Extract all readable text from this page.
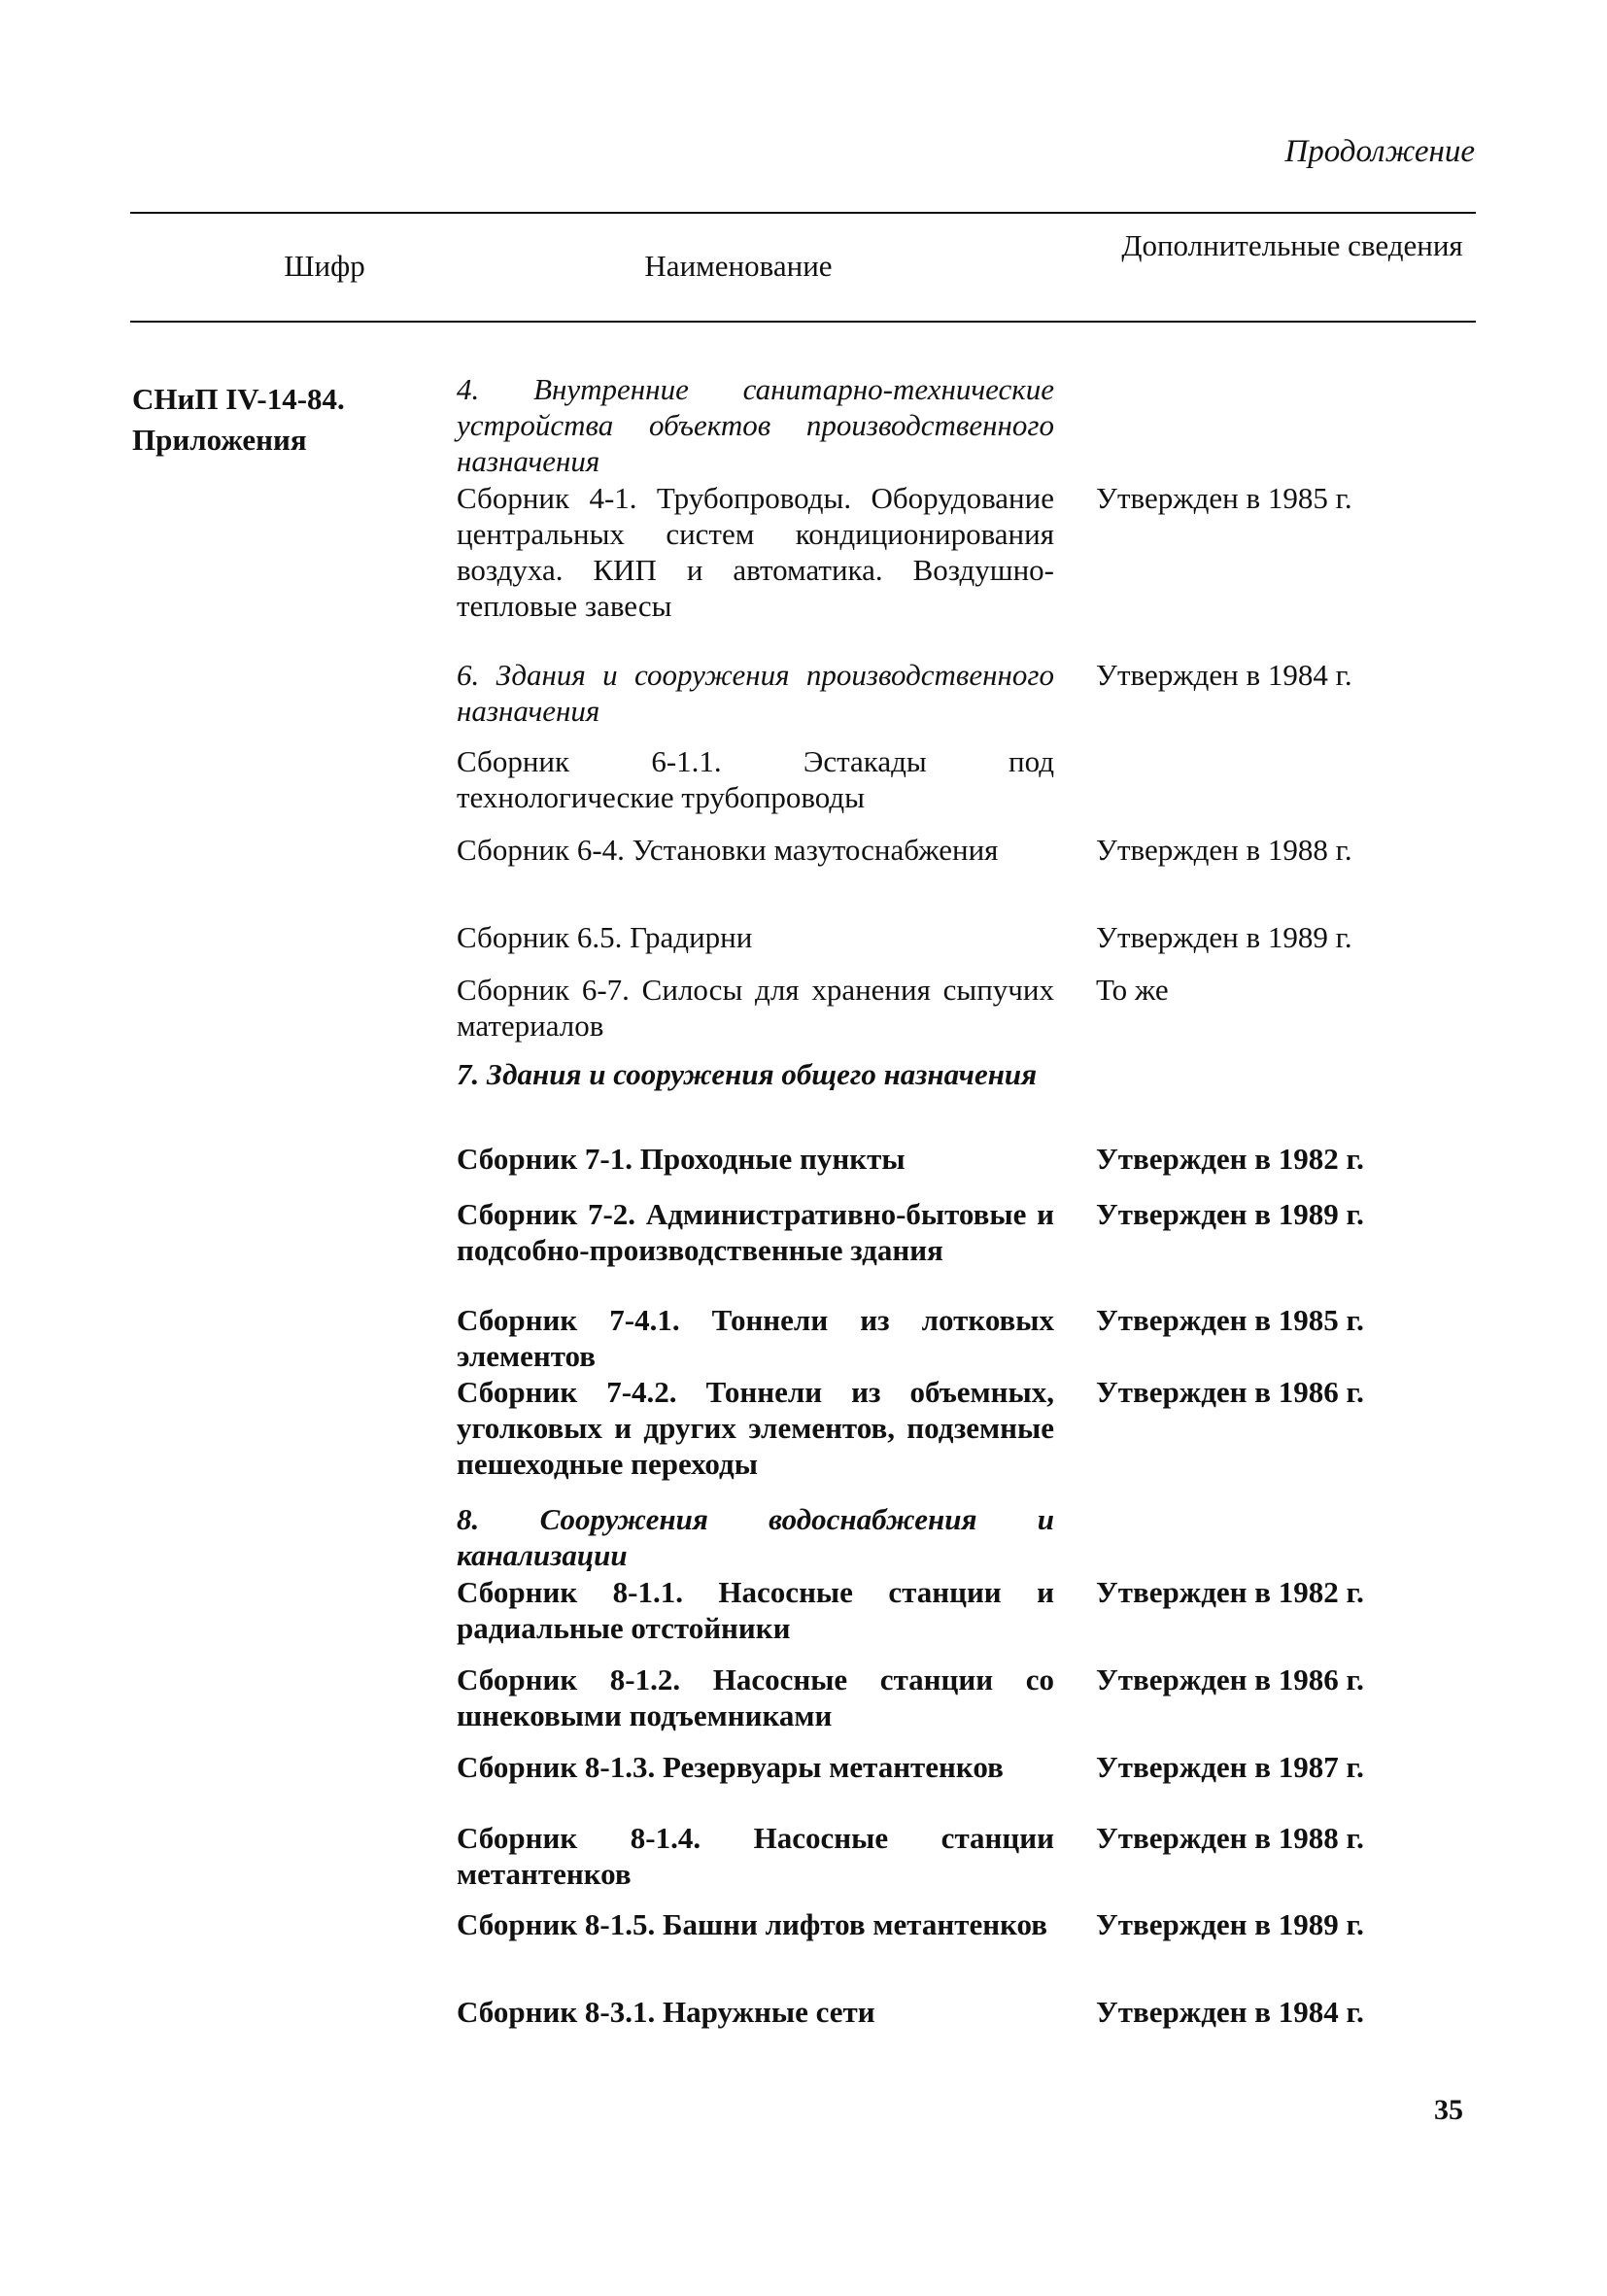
Продолжение
Шифр	Наименование
Дополнительные сведения
СНиП IV-14-84.
Приложения
4. Внутренние санитарно-технические устройства объектов производственного назначения
Сборник 4-1. Трубопроводы. Оборудование центральных систем кондиционирования воздуха. КИП и автоматика. Воздушно-тепловые завесы
6. Здания и сооружения производственного назначения
Сборник 6-1.1. Эстакады под технологические трубопроводы
Сборник 6-4. Установки мазутоснабжения
Сборник 6.5. Градирни
Сборник 6-7. Силосы для хранения сыпучих материалов
7. Здания и сооружения общего назначения
Сборник 7-1. Проходные пункты
Сборник 7-2. Административно-бытовые и подсобно-производственные здания
Сборник 7-4.1. Тоннели из лотковых элементов
Сборник 7-4.2. Тоннели из объемных, уголковых и других элементов, подземные пешеходные переходы
8. Сооружения водоснабжения и канализации
Сборник 8-1.1. Насосные станции и радиальные отстойники
Сборник 8-1.2. Насосные станции со шнековыми подъемниками
Сборник 8-1.3. Резервуары метантенков
Сборник 8-1.4. Насосные станции метантенков
Сборник 8-1.5. Башни лифтов метантенков
Сборник 8-3.1. Наружные сети
Утвержден в 1985 г.
Утвержден в 1984 г.
Утвержден в 1988 г.
Утвержден в 1989 г.
То же
Утвержден в 1982 г.
Утвержден в 1989 г.
Утвержден в 1985 г.
Утвержден в 1986 г.
Утвержден в 1982 г.
Утвержден в 1986 г.
Утвержден в 1987 г.
Утвержден в 1988 г.
Утвержден в 1989 г.
Утвержден в 1984 г.
35
